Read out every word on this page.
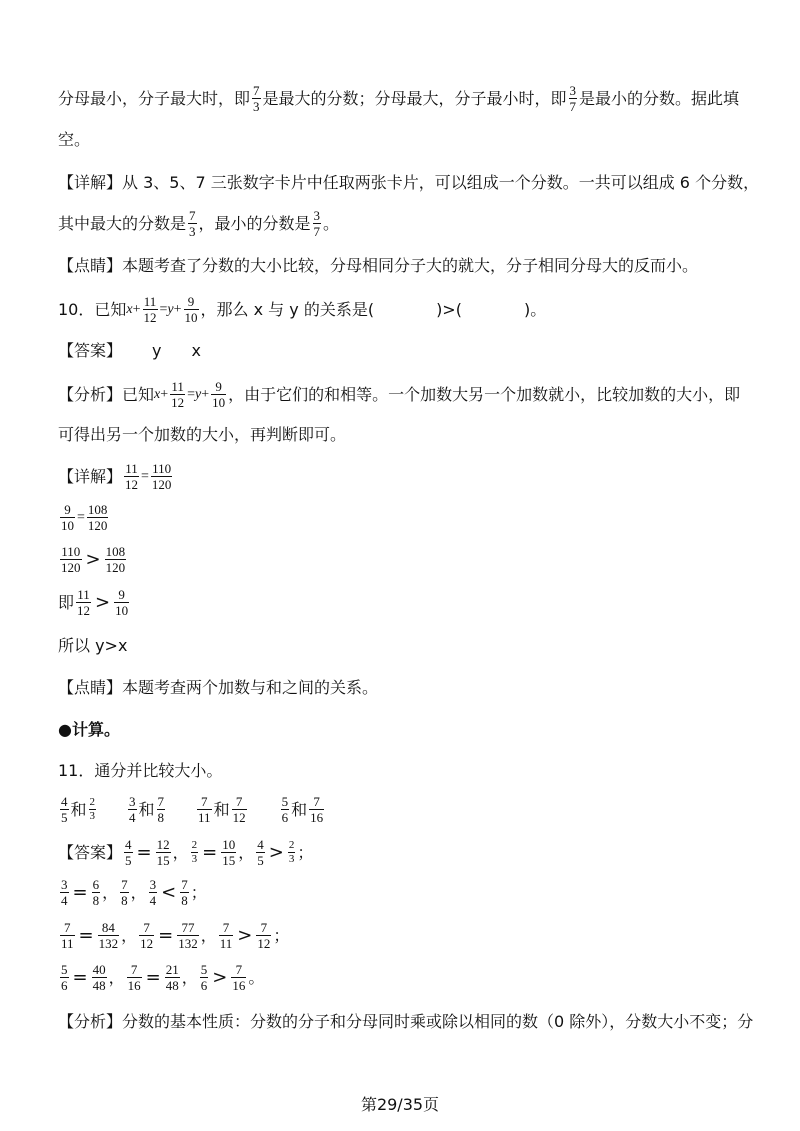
分母最小，分子最大时，即 $\frac{7}{3}$ 是最大的分数；分母最大，分子最小时，即 $\frac{3}{7}$ 是最小的分数。据此填
空。
【详解】从 3、5、7 三张数字卡片中任取两张卡片，可以组成一个分数。一共可以组成 6 个分数，
其中最大的分数是 $\frac{7}{3}$ ，最小的分数是 $\frac{3}{7}$ 。
【点睛】本题考查了分数的大小比较，分母相同分子大的就大，分子相同分母大的反而小。
10．已知 $x + \frac{11}{12} = y + \frac{9}{10}$ ，那么 x 与 y 的关系是(	)>(	)。
【答案】 y x
【分析】已知 $x + \frac{11}{12} = y + \frac{9}{10}$ ，由于它们的和相等。一个加数大另一个加数就小，比较加数的大小，即
可得出另一个加数的大小，再判断即可。
【详解】 $\frac{11}{12} = \frac{110}{120}$
$\frac{9}{10} = \frac{108}{120}$
$\frac{110}{120} > \frac{108}{120}$
即 $\frac{11}{12} > \frac{9}{10}$
所以 y>x
【点睛】本题考查两个加数与和之间的关系。
●计算。
11．通分并比较大小。
$\frac{4}{5}$ 和 $\frac{2}{3} \frac{3}{4}$ 和 $\frac{7}{8} \frac{7}{11}$ 和 $\frac{7}{12}$	$\frac{5}{6}$ 和 $\frac{7}{16}$
【答案】 $\frac{4}{5} = \frac{12}{15}$ ， $\frac{2}{3} = \frac{10}{15}$ ， $\frac{4}{5} > \frac{2}{3}$ ；
$\frac{3}{4} = \frac{6}{8}$ ， $\frac{7}{8}$ ， $\frac{3}{4} < \frac{7}{8}$ ；
$\frac{7}{11} = \frac{84}{132}$ ， $\frac{7}{12} = \frac{77}{132}$ ， $\frac{7}{11} > \frac{7}{12}$ ；
$\frac{5}{6} = \frac{40}{48}$ ， $\frac{7}{16} = \frac{21}{48}$ ， $\frac{5}{6} > \frac{7}{16}$ 。
【分析】分数的基本性质：分数的分子和分母同时乘或除以相同的数（0 除外），分数大小不变；分
第29/35页
